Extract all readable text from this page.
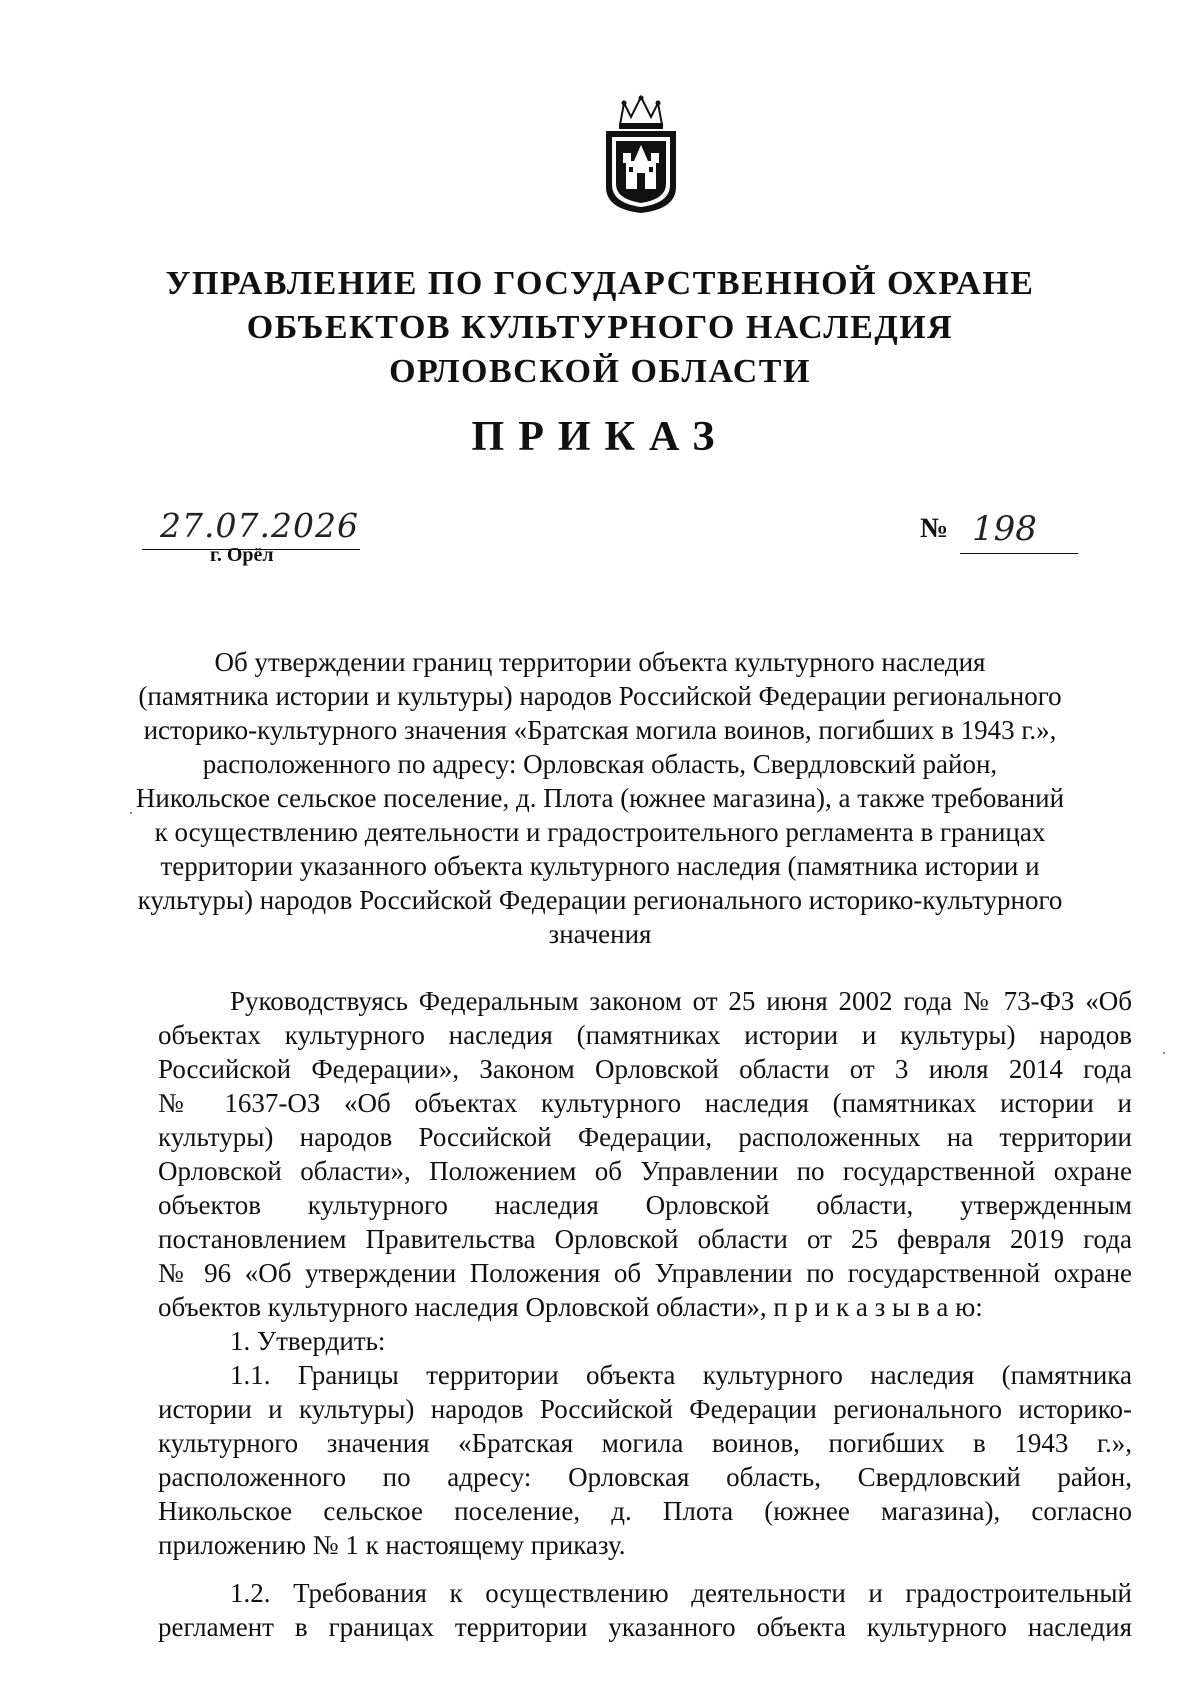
УПРАВЛЕНИЕ ПО ГОСУДАРСТВЕННОЙ ОХРАНЕ
ОБЪЕКТОВ КУЛЬТУРНОГО НАСЛЕДИЯ
ОРЛОВСКОЙ ОБЛАСТИ
ПРИКАЗ
27.07.2026
г. Орёл
№ 198
Об утверждении границ территории объекта культурного наследия
(памятника истории и культуры) народов Российской Федерации регионального
историко-культурного значения «Братская могила воинов, погибших в 1943 г.»,
расположенного по адресу: Орловская область, Свердловский район,
Никольское сельское поселение, д. Плота (южнее магазина), а также требований
к осуществлению деятельности и градостроительного регламента в границах
территории указанного объекта культурного наследия (памятника истории и
культуры) народов Российской Федерации регионального историко-культурного
значения
Руководствуясь Федеральным законом от 25 июня 2002 года № 73-ФЗ «Об
объектах культурного наследия (памятниках истории и культуры) народов
Российской Федерации», Законом Орловской области от 3 июля 2014 года
№ 1637-ОЗ «Об объектах культурного наследия (памятниках истории и
культуры) народов Российской Федерации, расположенных на территории
Орловской области», Положением об Управлении по государственной охране
объектов культурного наследия Орловской области, утвержденным
постановлением Правительства Орловской области от 25 февраля 2019 года
№ 96 «Об утверждении Положения об Управлении по государственной охране
объектов культурного наследия Орловской области», п р и к а з ы в а ю:
1. Утвердить:
1.1. Границы территории объекта культурного наследия (памятника
истории и культуры) народов Российской Федерации регионального историко-
культурного значения «Братская могила воинов, погибших в 1943 г.»,
расположенного по адресу: Орловская область, Свердловский район,
Никольское сельское поселение, д. Плота (южнее магазина), согласно
приложению № 1 к настоящему приказу.
1.2. Требования к осуществлению деятельности и градостроительный
регламент в границах территории указанного объекта культурного наследия
